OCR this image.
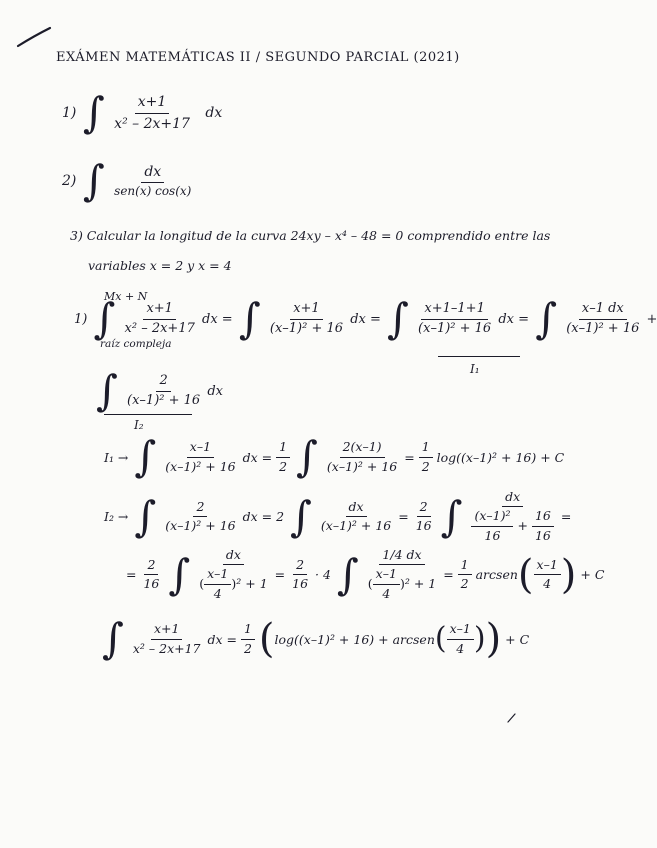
EXÁMEN MATEMÁTICAS II / SEGUNDO PARCIAL (2021)
1) ∫ $\frac{x+1}{\text{x² – 2x+17}}$ dx
2) ∫ $\frac{dx}{\text{sen(x) cos(x)}}$
3) Calcular la longitud de la curva 24xy – x⁴ – 48 = 0 comprendido entre las
variables x = 2 y x = 4
Mx + N
1) ∫ $\frac{x+1}{\text{x² – 2x+17}}$ dx = ∫ $\frac{x+1}{\text{(x–1)² + 16}}$ dx = ∫ $\frac{x+1-1+1}{\text{(x–1)² + 16}}$ dx = ∫ $\frac{x-1 dx}{\text{(x–1)² + 16}}$ +
raíz compleja
I₁
∫ $\frac{2}{\text{(x–1)² + 16}}$ dx
I₂
I₁ → ∫ $\frac{x-1}{\text{(x–1)² + 16}}$ dx = $\frac{1}{2}$ ∫ $\frac{2(x-1)}{\text{(x–1)² + 16}} = \frac{1}{2} \log((x-1)^2 + 16) + C$
I₂ → ∫ $\frac{2}{\text{(x–1)² + 16}}$ dx = 2 ∫ $\frac{dx}{\text{(x–1)² + 16}} = \frac{2}{16}$ ∫	dx
$\frac{\text{(x–1)²}}{16} + \frac{16}{16}$ =
= $\frac{2}{16}$ ∫ $\frac{dx}{( \frac{x-1}{4} )^2 + 1} = \frac{2}{16} \cdot 4$ ∫ $\frac{1/4 dx}{( \frac{x-1}{4} )^2 + 1} = \frac{1}{2}$ arcsen( $\frac{x-1}{4}$ ) + C
∫ $\frac{x+1}{\text{x² – 2x+17}}$ dx = $\frac{1}{2} (\log((x-1)^2 + 16)$ + arcsen( $\frac{x-1}{4}$ )) + C
